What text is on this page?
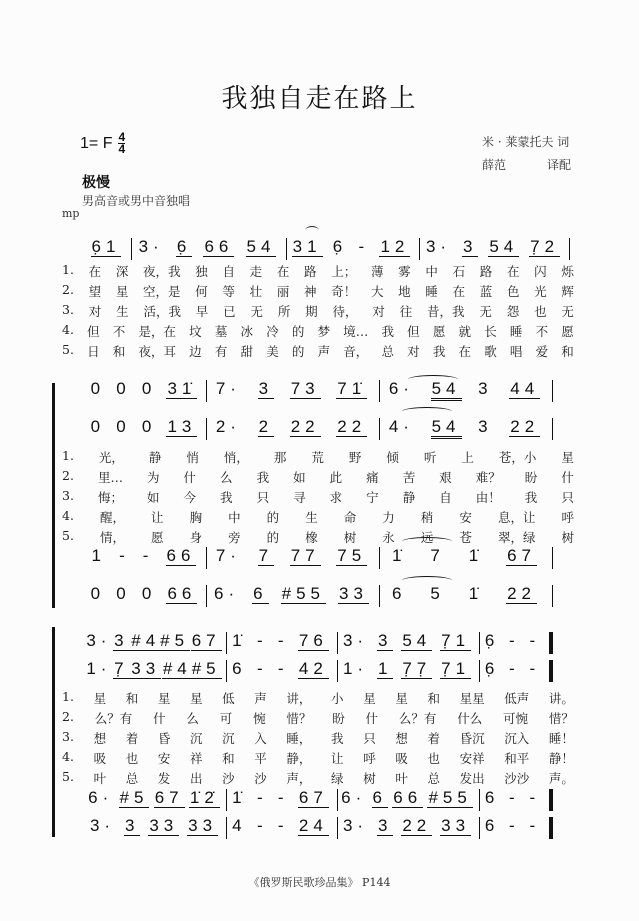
我独自走在路上
1= F $\frac{4}{4}$	米 · 莱蒙托夫 词
薛范	译配
极慢
男高音或男中音独唱
mp
6̣1 3· 6̣ 66 54 31 6̣ - 12 3· 3 54 7̣2
1. 在 深 夜，我 独 自 走 在 路 上； 薄 雾 中 石 路 在 闪 烁
2. 望 星 空，是 何 等 壮 丽 神 奇！ 大 地 睡 在 蓝 色 光 辉
3. 对 生 活，我 早 已 无 所 期 待， 对 往 昔，我 无 怨 也 无
4. 但 不 是，在 坟 墓 冰 冷 的 梦 境… 我 但 愿 就 长 睡 不 愿
5. 日 和 夜，耳 边 有 甜 美 的 声 音， 总 对 我 在 歌 唱 爱 和
0 0 0 31̇ 7· 3 73 71̇ 6· 54 3 44
0 0 0 13 2· 2 22 22 4· 54 3 22
1 - - 66 7· 7 77 75 1̇ 7 1̇ 67
0 0 0 66 6· 6 #55 33 6 5 1̇ 22
1. 光， 静 悄 悄， 那 荒 野 倾 听 上 苍，小 星
2. 里… 为 什 么 我 如 此 痛 苦 艰 难？ 盼 什
3. 悔； 如 今 我 只 寻 求 宁 静 自 由！ 我 只
4. 醒， 让 胸 中 的 生 命 力 稍 安 息，让 呼
5. 情， 愿 身 旁 的 橡 树 永 远 苍 翠，绿 树
3· 3 #4#5 67 1̇ - - 76 3· 3 54 7̣1 6̣ - -
1· 7̣ 33 #4#5 6 - - 42 1· 1 7̣7̣ 7̣1 6̣ - -
6· #5 67 1̇2̇ 1̇ - - 67 6· 6 66 #55 6 - -
3· 3 33 33 4 - - 24 3· 3 22 33 6 - -
1. 星 和 星 星 低 声 讲， 小 星 星 和 星星 低声 讲。
2. 么？有 什 么 可 惋 惜？ 盼 什 么？有 什么 可惋 惜？
3. 想 着 昏 沉 沉 入 睡， 我 只 想 着 昏沉 沉入 睡！
4. 吸 也 安 祥 和 平 静， 让 呼 吸 也 安祥 和平 静！
5. 叶 总 发 出 沙 沙 声， 绿 树 叶 总 发出 沙沙 声。
《俄罗斯民歌珍品集》 P144
